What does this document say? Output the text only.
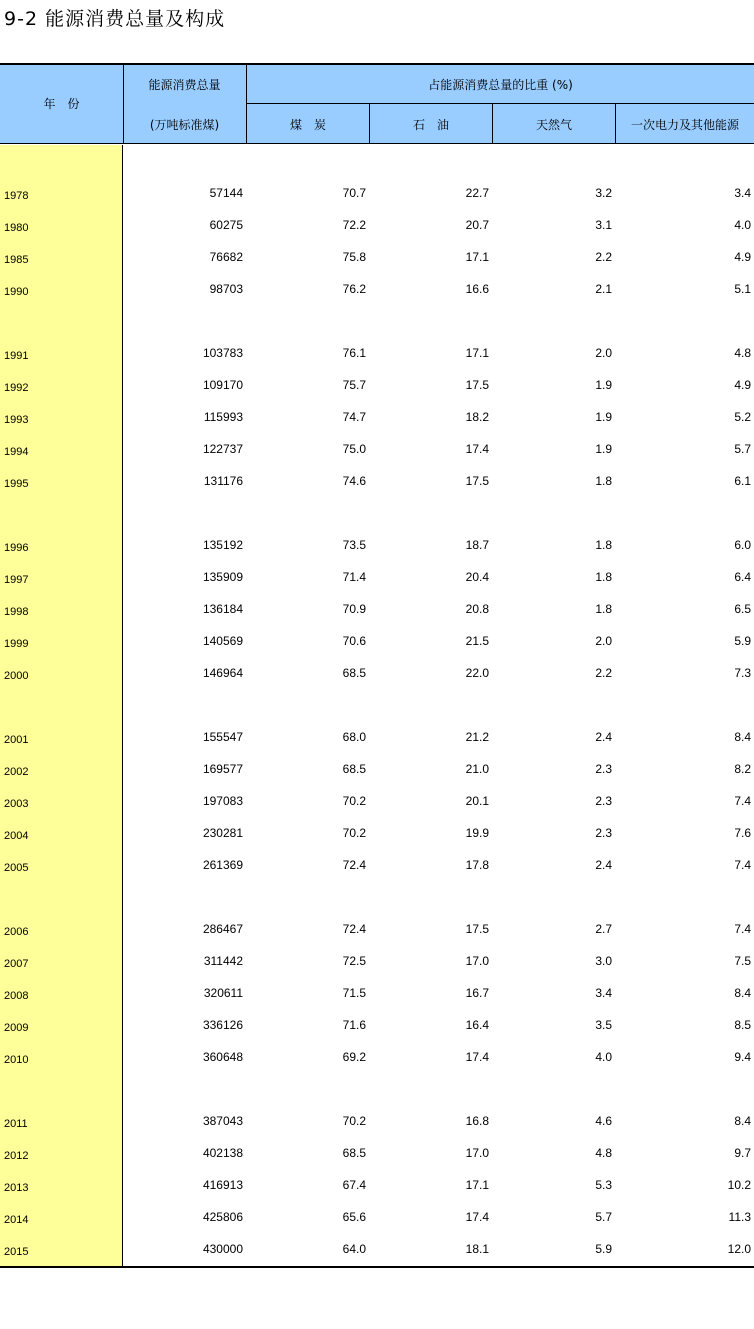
9-2 能源消费总量及构成
年　份
能源消费总量
(万吨标准煤)
占能源消费总量的比重 (%)
煤　炭	石　油	天然气	一次电力及其他能源
1978	57144	70.7	22.7	3.2	3.4
1980	60275	72.2	20.7	3.1	4.0
1985	76682	75.8	17.1	2.2	4.9
1990	98703	76.2	16.6	2.1	5.1
1991	103783	76.1	17.1	2.0	4.8
1992	109170	75.7	17.5	1.9	4.9
1993	115993	74.7	18.2	1.9	5.2
1994	122737	75.0	17.4	1.9	5.7
1995	131176	74.6	17.5	1.8	6.1
1996	135192	73.5	18.7	1.8	6.0
1997	135909	71.4	20.4	1.8	6.4
1998	136184	70.9	20.8	1.8	6.5
1999	140569	70.6	21.5	2.0	5.9
2000	146964	68.5	22.0	2.2	7.3
2001	155547	68.0	21.2	2.4	8.4
2002	169577	68.5	21.0	2.3	8.2
2003	197083	70.2	20.1	2.3	7.4
2004	230281	70.2	19.9	2.3	7.6
2005	261369	72.4	17.8	2.4	7.4
2006	286467	72.4	17.5	2.7	7.4
2007	311442	72.5	17.0	3.0	7.5
2008	320611	71.5	16.7	3.4	8.4
2009	336126	71.6	16.4	3.5	8.5
2010	360648	69.2	17.4	4.0	9.4
2011	387043	70.2	16.8	4.6	8.4
2012	402138	68.5	17.0	4.8	9.7
2013	416913	67.4	17.1	5.3	10.2
2014	425806	65.6	17.4	5.7	11.3
2015	430000	64.0	18.1	5.9	12.0
